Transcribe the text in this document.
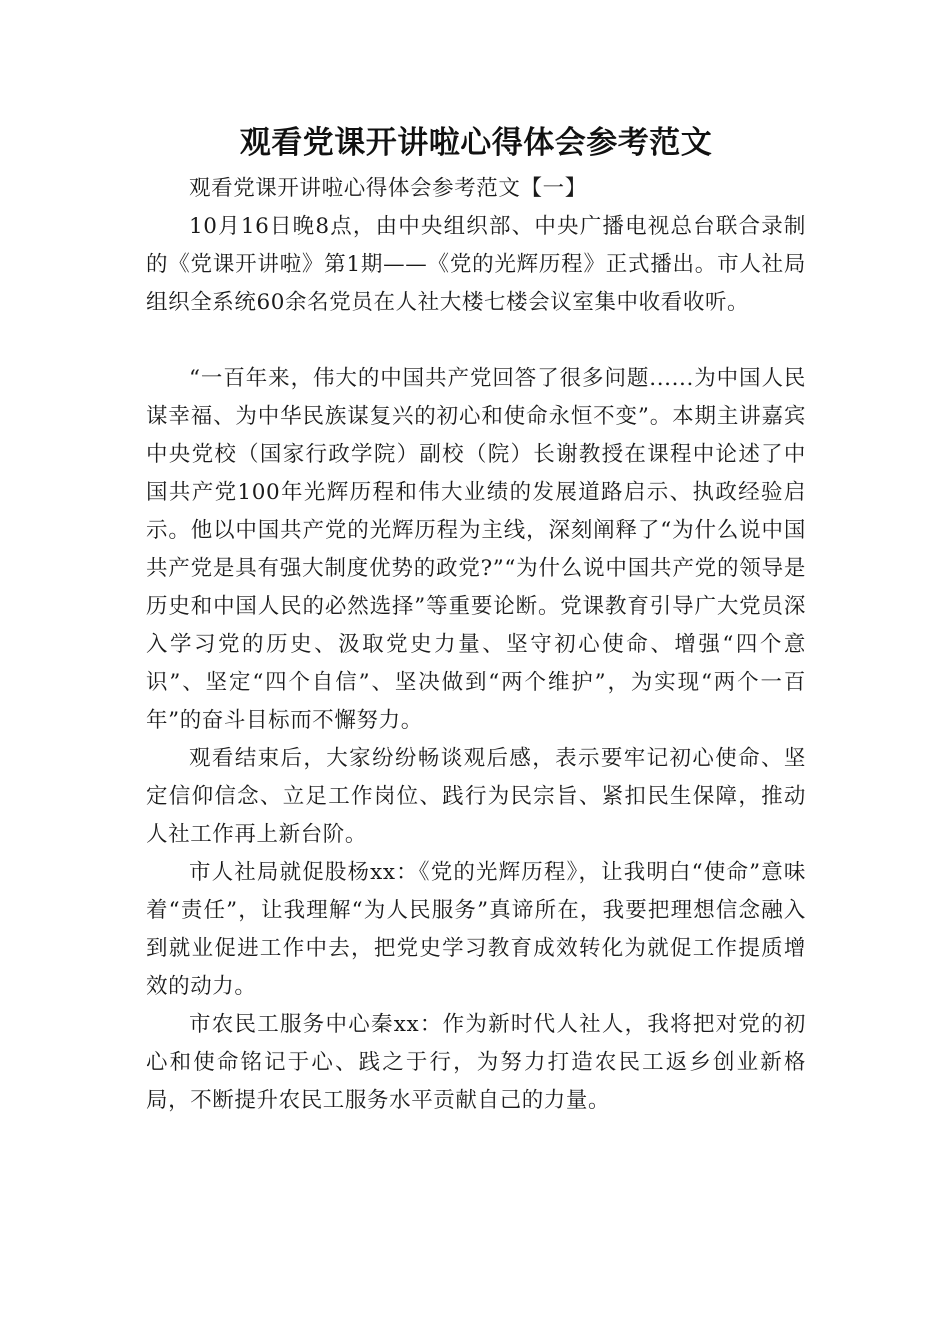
观看党课开讲啦心得体会参考范文

观看党课开讲啦心得体会参考范文【一】

10月16日晚8点，由中央组织部、中央广播电视总台联合录制的《党课开讲啦》第1期——《党的光辉历程》正式播出。市人社局组织全系统60余名党员在人社大楼七楼会议室集中收看收听。

“一百年来，伟大的中国共产党回答了很多问题......为中国人民谋幸福、为中华民族谋复兴的初心和使命永恒不变”。本期主讲嘉宾中央党校（国家行政学院）副校（院）长谢教授在课程中论述了中国共产党100年光辉历程和伟大业绩的发展道路启示、执政经验启示。他以中国共产党的光辉历程为主线，深刻阐释了“为什么说中国共产党是具有强大制度优势的政党?”“为什么说中国共产党的领导是历史和中国人民的必然选择”等重要论断。党课教育引导广大党员深入学习党的历史、汲取党史力量、坚守初心使命、增强“四个意识”、坚定“四个自信”、坚决做到“两个维护”，为实现“两个一百年”的奋斗目标而不懈努力。

观看结束后，大家纷纷畅谈观后感，表示要牢记初心使命、坚定信仰信念、立足工作岗位、践行为民宗旨、紧扣民生保障，推动人社工作再上新台阶。

市人社局就促股杨xx：《党的光辉历程》，让我明白“使命”意味着“责任”，让我理解“为人民服务”真谛所在，我要把理想信念融入到就业促进工作中去，把党史学习教育成效转化为就促工作提质增效的动力。

市农民工服务中心秦xx：作为新时代人社人，我将把对党的初心和使命铭记于心、践之于行，为努力打造农民工返乡创业新格局，不断提升农民工服务水平贡献自己的力量。
